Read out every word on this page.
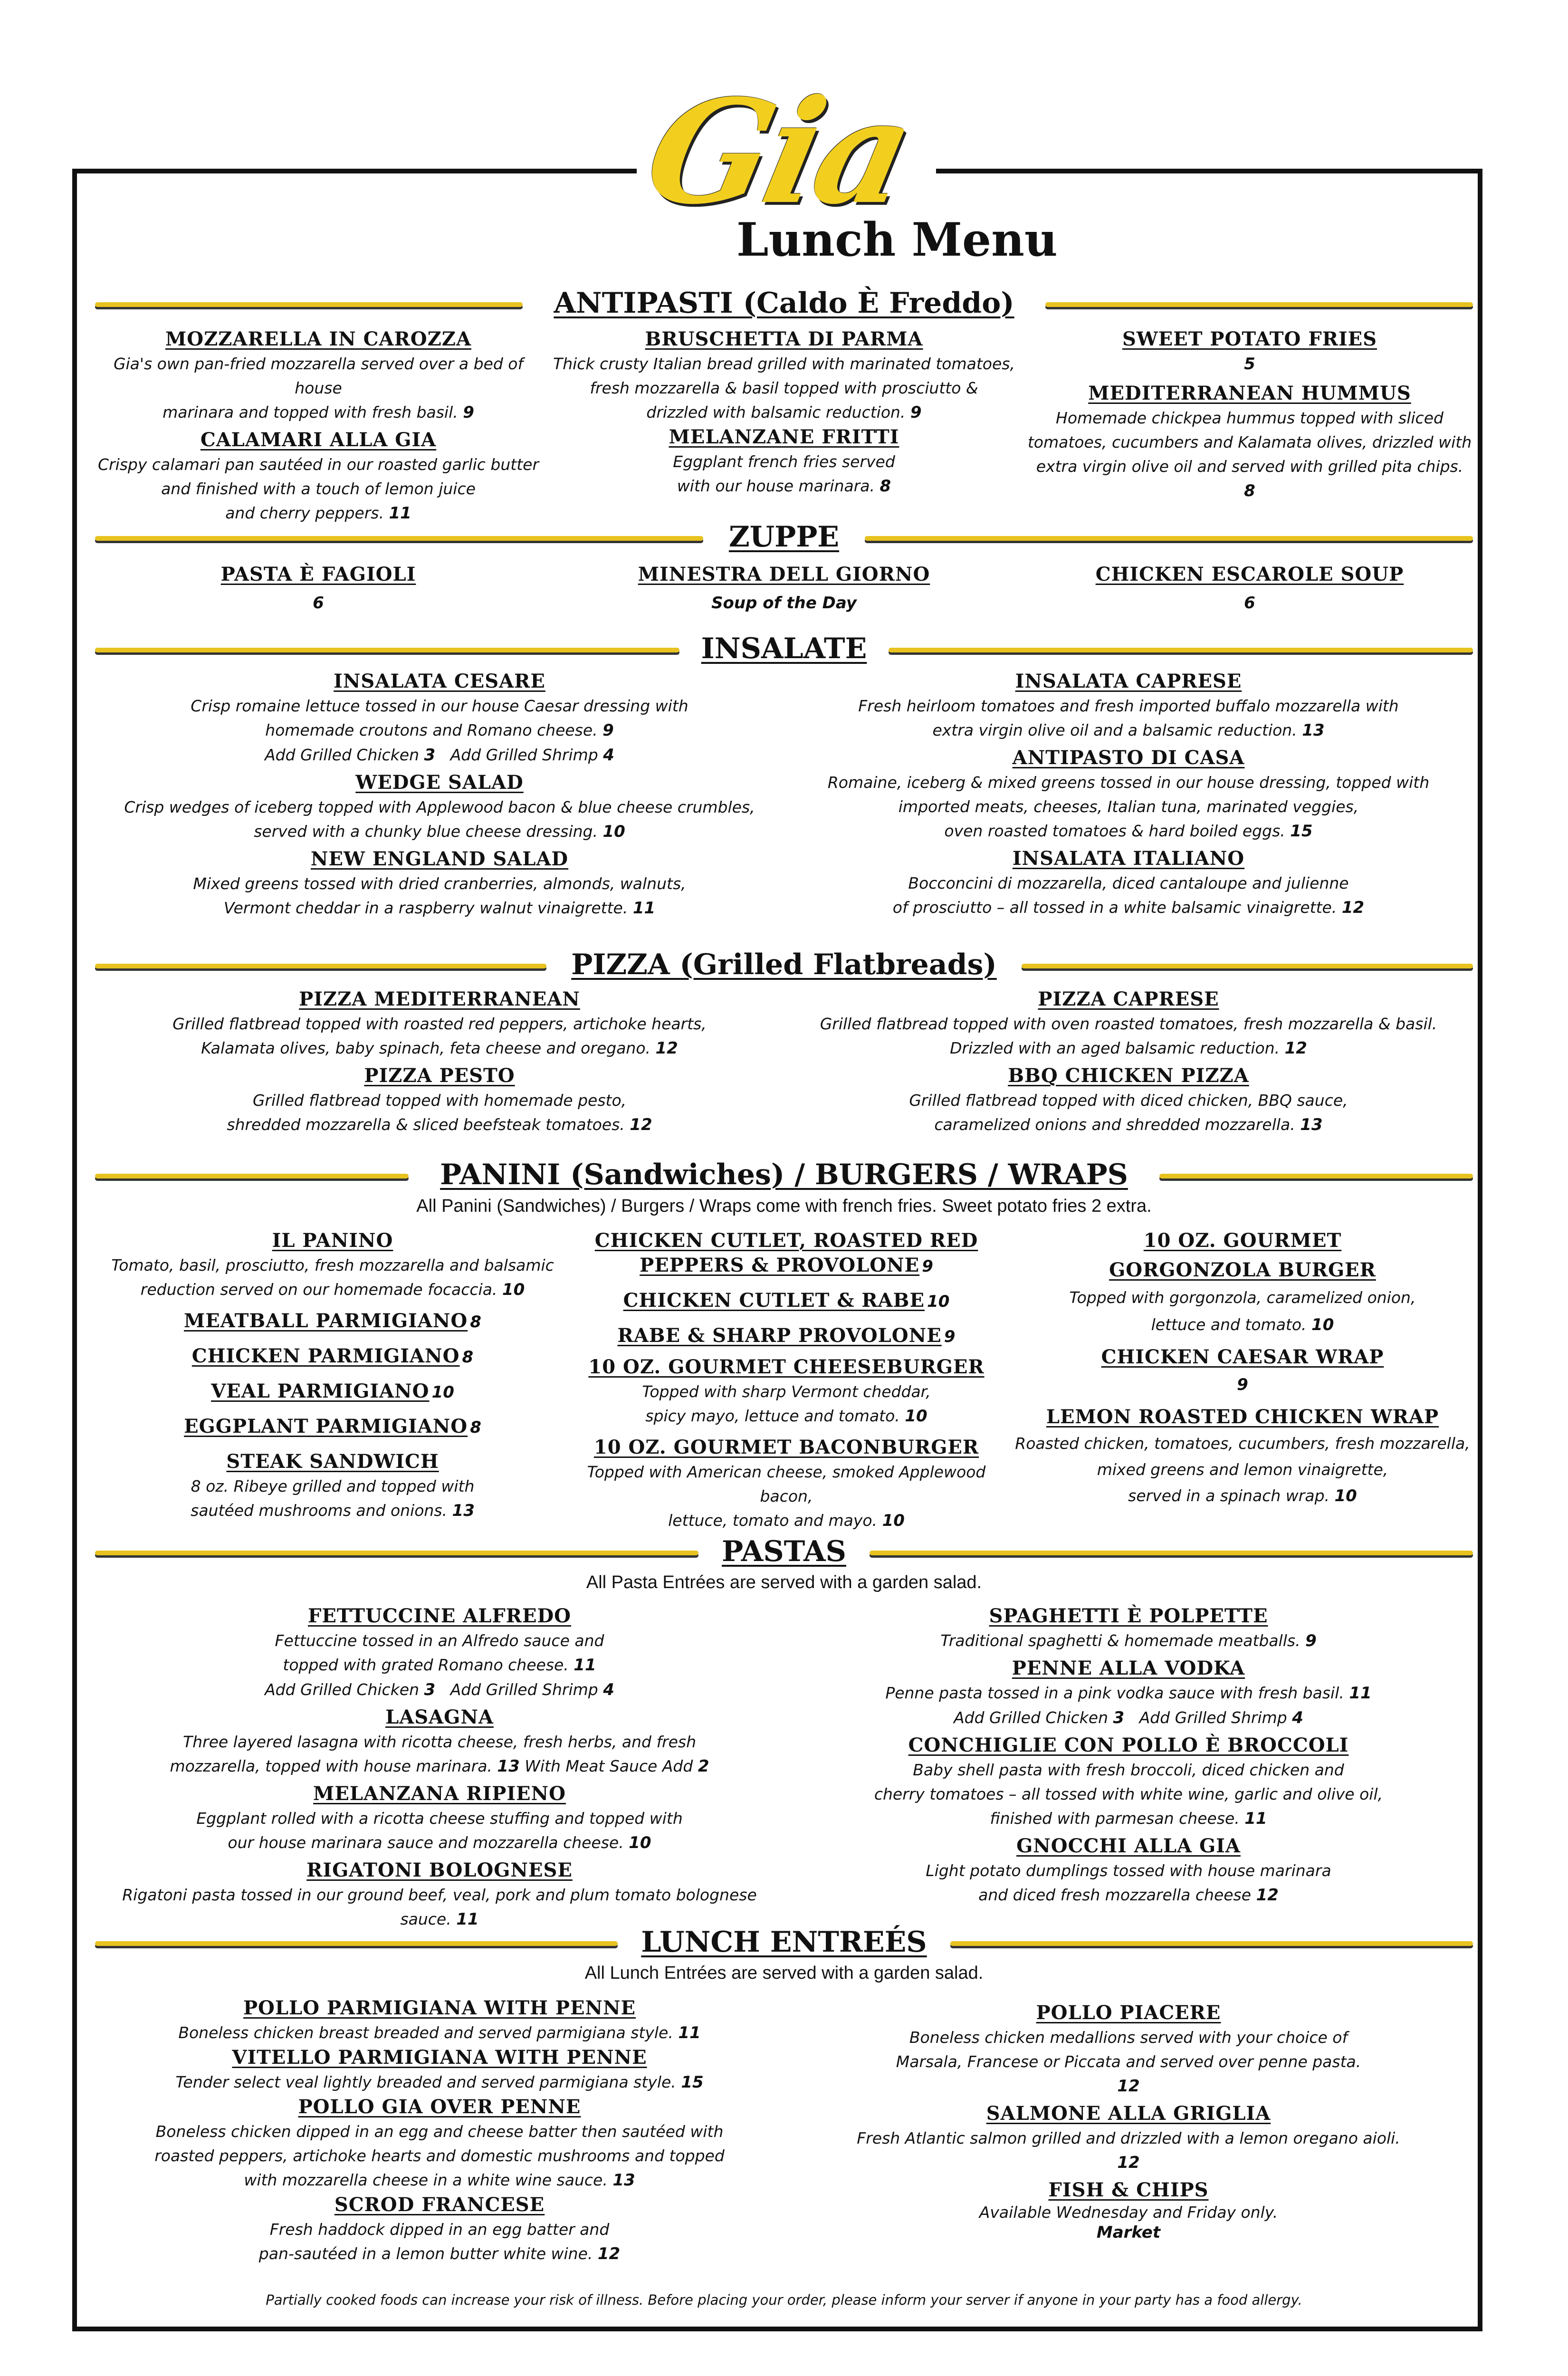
Gia
Lunch Menu
ANTIPASTI (Caldo È Freddo)
MOZZARELLA IN CAROZZA
Gia's own pan-fried mozzarella served over a bed of house
marinara and topped with fresh basil. 9
CALAMARI ALLA GIA
Crispy calamari pan sautéed in our roasted garlic butter
and finished with a touch of lemon juice
and cherry peppers. 11
BRUSCHETTA DI PARMA
Thick crusty Italian bread grilled with marinated tomatoes,
fresh mozzarella & basil topped with prosciutto &
drizzled with balsamic reduction. 9
MELANZANE FRITTI
Eggplant french fries served
with our house marinara. 8
SWEET POTATO FRIES
5
MEDITERRANEAN HUMMUS
Homemade chickpea hummus topped with sliced
tomatoes, cucumbers and Kalamata olives, drizzled with
extra virgin olive oil and served with grilled pita chips.
8
ZUPPE
PASTA È FAGIOLI
6
MINESTRA DELL GIORNO
Soup of the Day
CHICKEN ESCAROLE SOUP
6
INSALATE
INSALATA CESARE
Crisp romaine lettuce tossed in our house Caesar dressing with
homemade croutons and Romano cheese. 9
Add Grilled Chicken 3 Add Grilled Shrimp 4
WEDGE SALAD
Crisp wedges of iceberg topped with Applewood bacon & blue cheese crumbles,
served with a chunky blue cheese dressing. 10
NEW ENGLAND SALAD
Mixed greens tossed with dried cranberries, almonds, walnuts,
Vermont cheddar in a raspberry walnut vinaigrette. 11
INSALATA CAPRESE
Fresh heirloom tomatoes and fresh imported buffalo mozzarella with
extra virgin olive oil and a balsamic reduction. 13
ANTIPASTO DI CASA
Romaine, iceberg & mixed greens tossed in our house dressing, topped with
imported meats, cheeses, Italian tuna, marinated veggies,
oven roasted tomatoes & hard boiled eggs. 15
INSALATA ITALIANO
Bocconcini di mozzarella, diced cantaloupe and julienne
of prosciutto – all tossed in a white balsamic vinaigrette. 12
PIZZA (Grilled Flatbreads)
PIZZA MEDITERRANEAN
Grilled flatbread topped with roasted red peppers, artichoke hearts,
Kalamata olives, baby spinach, feta cheese and oregano. 12
PIZZA PESTO
Grilled flatbread topped with homemade pesto,
shredded mozzarella & sliced beefsteak tomatoes. 12
PIZZA CAPRESE
Grilled flatbread topped with oven roasted tomatoes, fresh mozzarella & basil.
Drizzled with an aged balsamic reduction. 12
BBQ CHICKEN PIZZA
Grilled flatbread topped with diced chicken, BBQ sauce,
caramelized onions and shredded mozzarella. 13
PANINI (Sandwiches) / BURGERS / WRAPS
All Panini (Sandwiches) / Burgers / Wraps come with french fries. Sweet potato fries 2 extra.
IL PANINO
Tomato, basil, prosciutto, fresh mozzarella and balsamic
reduction served on our homemade focaccia. 10
MEATBALL PARMIGIANO 8
CHICKEN PARMIGIANO 8
VEAL PARMIGIANO 10
EGGPLANT PARMIGIANO 8
STEAK SANDWICH
8 oz. Ribeye grilled and topped with
sautéed mushrooms and onions. 13
CHICKEN CUTLET, ROASTED RED
PEPPERS & PROVOLONE 9
CHICKEN CUTLET & RABE 10
RABE & SHARP PROVOLONE 9
10 OZ. GOURMET CHEESEBURGER
Topped with sharp Vermont cheddar,
spicy mayo, lettuce and tomato. 10
10 OZ. GOURMET BACONBURGER
Topped with American cheese, smoked Applewood bacon,
lettuce, tomato and mayo. 10
10 OZ. GOURMET
GORGONZOLA BURGER
Topped with gorgonzola, caramelized onion,
lettuce and tomato. 10
CHICKEN CAESAR WRAP
9
LEMON ROASTED CHICKEN WRAP
Roasted chicken, tomatoes, cucumbers, fresh mozzarella,
mixed greens and lemon vinaigrette,
served in a spinach wrap. 10
PASTAS
All Pasta Entrées are served with a garden salad.
FETTUCCINE ALFREDO
Fettuccine tossed in an Alfredo sauce and
topped with grated Romano cheese. 11
Add Grilled Chicken 3 Add Grilled Shrimp 4
LASAGNA
Three layered lasagna with ricotta cheese, fresh herbs, and fresh
mozzarella, topped with house marinara. 13 With Meat Sauce Add 2
MELANZANA RIPIENO
Eggplant rolled with a ricotta cheese stuffing and topped with
our house marinara sauce and mozzarella cheese. 10
RIGATONI BOLOGNESE
Rigatoni pasta tossed in our ground beef, veal, pork and plum tomato bolognese sauce. 11
SPAGHETTI È POLPETTE
Traditional spaghetti & homemade meatballs. 9
PENNE ALLA VODKA
Penne pasta tossed in a pink vodka sauce with fresh basil. 11
Add Grilled Chicken 3 Add Grilled Shrimp 4
CONCHIGLIE CON POLLO È BROCCOLI
Baby shell pasta with fresh broccoli, diced chicken and
cherry tomatoes – all tossed with white wine, garlic and olive oil,
finished with parmesan cheese. 11
GNOCCHI ALLA GIA
Light potato dumplings tossed with house marinara
and diced fresh mozzarella cheese 12
LUNCH ENTREÉS
All Lunch Entrées are served with a garden salad.
POLLO PARMIGIANA WITH PENNE
Boneless chicken breast breaded and served parmigiana style. 11
VITELLO PARMIGIANA WITH PENNE
Tender select veal lightly breaded and served parmigiana style. 15
POLLO GIA OVER PENNE
Boneless chicken dipped in an egg and cheese batter then sautéed with
roasted peppers, artichoke hearts and domestic mushrooms and topped
with mozzarella cheese in a white wine sauce. 13
SCROD FRANCESE
Fresh haddock dipped in an egg batter and
pan-sautéed in a lemon butter white wine. 12
POLLO PIACERE
Boneless chicken medallions served with your choice of
Marsala, Francese or Piccata and served over penne pasta.
12
SALMONE ALLA GRIGLIA
Fresh Atlantic salmon grilled and drizzled with a lemon oregano aioli.
12
FISH & CHIPS
Available Wednesday and Friday only.
Market
Partially cooked foods can increase your risk of illness. Before placing your order, please inform your server if anyone in your party has a food allergy.
